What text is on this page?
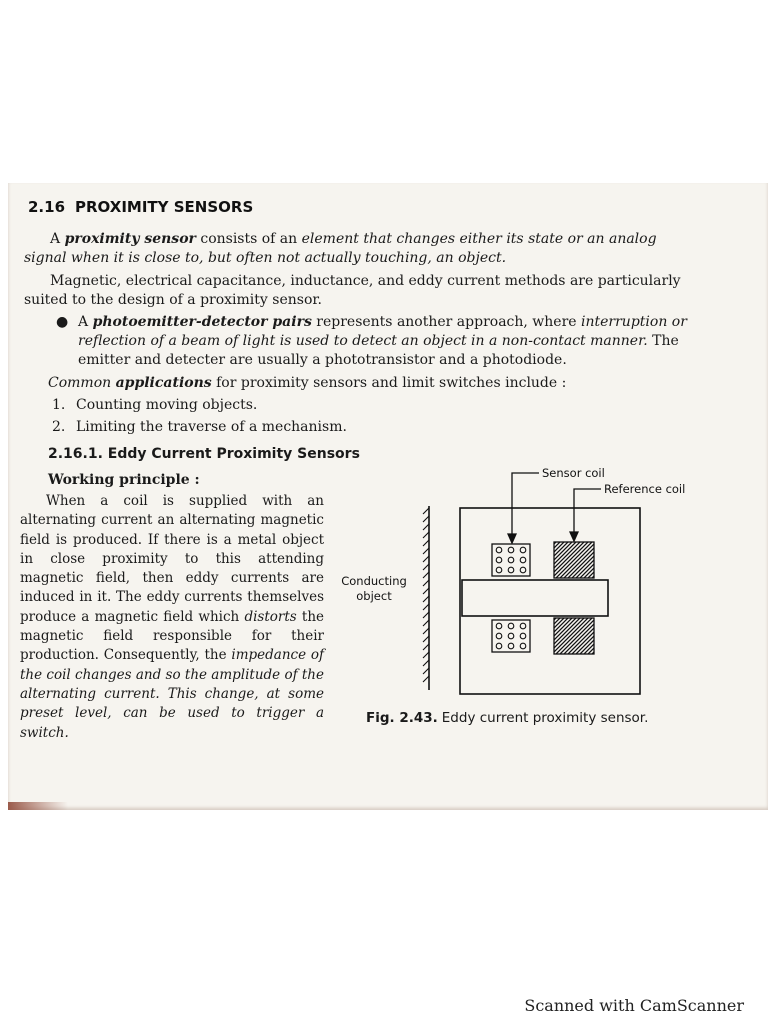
2.16 PROXIMITY SENSORS
A proximity sensor consists of an element that changes either its state or an analog signal when it is close to, but often not actually touching, an object.
Magnetic, electrical capacitance, inductance, and eddy current methods are particularly suited to the design of a proximity sensor.
● A photoemitter-detector pairs represents another approach, where interruption or reflection of a beam of light is used to detect an object in a non-contact manner. The emitter and detecter are usually a phototransistor and a photodiode.
Common applications for proximity sensors and limit switches include :
1. Counting moving objects.
2. Limiting the traverse of a mechanism.
2.16.1. Eddy Current Proximity Sensors
Working principle :
When a coil is supplied with an alternating current an alternating magnetic field is produced. If there is a metal object in close proximity to this attending magnetic field, then eddy currents are induced in it. The eddy currents themselves produce a magnetic field which distorts the magnetic field responsible for their production. Consequently, the impedance of the coil changes and so the amplitude of the alternating current. This change, at some preset level, can be used to trigger a switch.
Conducting
object
Sensor coil
Reference coil
Fig. 2.43. Eddy current proximity sensor.
Scanned with CamScanner
